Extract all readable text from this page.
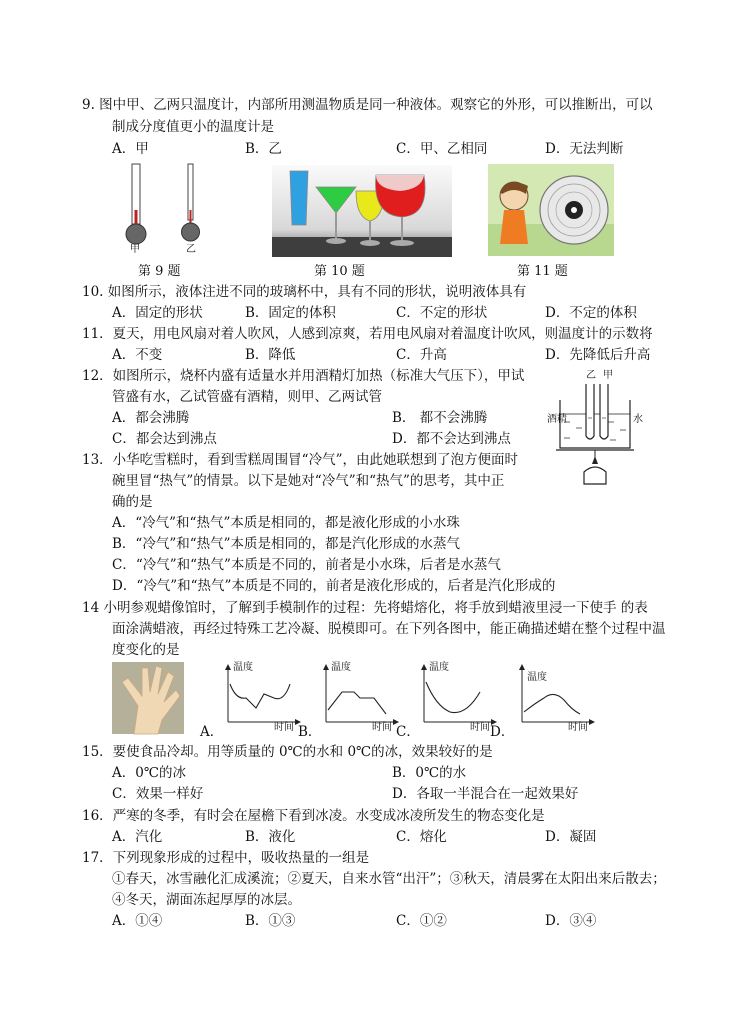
9. 图中甲、乙两只温度计，内部所用测温物质是同一种液体。观察它的外形，可以推断出，可以
制成分度值更小的温度计是
A．甲	B．乙	C．甲、乙相同	D．无法判断
甲	乙
第 9 题	第 10 题	第 11 题
10. 如图所示，液体注进不同的玻璃杯中，具有不同的形状，说明液体具有
A．固定的形状	B．固定的体积	C．不定的形状	D．不定的体积
11．夏天，用电风扇对着人吹风，人感到凉爽，若用电风扇对着温度计吹风，则温度计的示数将
A．不变	B．降低	C．升高	D．先降低后升高
12．如图所示，烧杯内盛有适量水并用酒精灯加热（标准大气压下），甲试
管盛有水，乙试管盛有酒精，则甲、乙两试管
A．都会沸腾	B． 都不会沸腾
C．都会达到沸点	D．都不会达到沸点
乙 甲
酒精	水
13．小华吃雪糕时，看到雪糕周围冒“冷气”，由此她联想到了泡方便面时
碗里冒“热气”的情景。以下是她对“冷气”和“热气”的思考，其中正
确的是
A．“冷气”和“热气”本质是相同的，都是液化形成的小水珠
B．“冷气”和“热气”本质是相同的，都是汽化形成的水蒸气
C．“冷气”和“热气”本质是不同的，前者是小水珠，后者是水蒸气
D．“冷气”和“热气”本质是不同的，前者是液化形成的，后者是汽化形成的
14 小明参观蜡像馆时，了解到手模制作的过程：先将蜡熔化，将手放到蜡液里浸一下使手 的表
面涂满蜡液，再经过特殊工艺冷凝、脱模即可。在下列各图中，能正确描述蜡在整个过程中温
度变化的是
温度	温度	温度
温度
时间	时间	时间	时间
A．	B．	C．	D．
15．要使食品冷却。用等质量的 0℃的水和 0℃的冰，效果较好的是
A．0℃的冰	B．0℃的水
C．效果一样好	D．各取一半混合在一起效果好
16．严寒的冬季，有时会在屋檐下看到冰凌。水变成冰凌所发生的物态变化是
A．汽化	B．液化	C．熔化	D．凝固
17．下列现象形成的过程中，吸收热量的一组是
①春天，冰雪融化汇成溪流；②夏天，自来水管“出汗”；③秋天，清晨雾在太阳出来后散去；
④冬天，湖面冻起厚厚的冰层。
A．①④	B．①③	C．①②	D．③④
